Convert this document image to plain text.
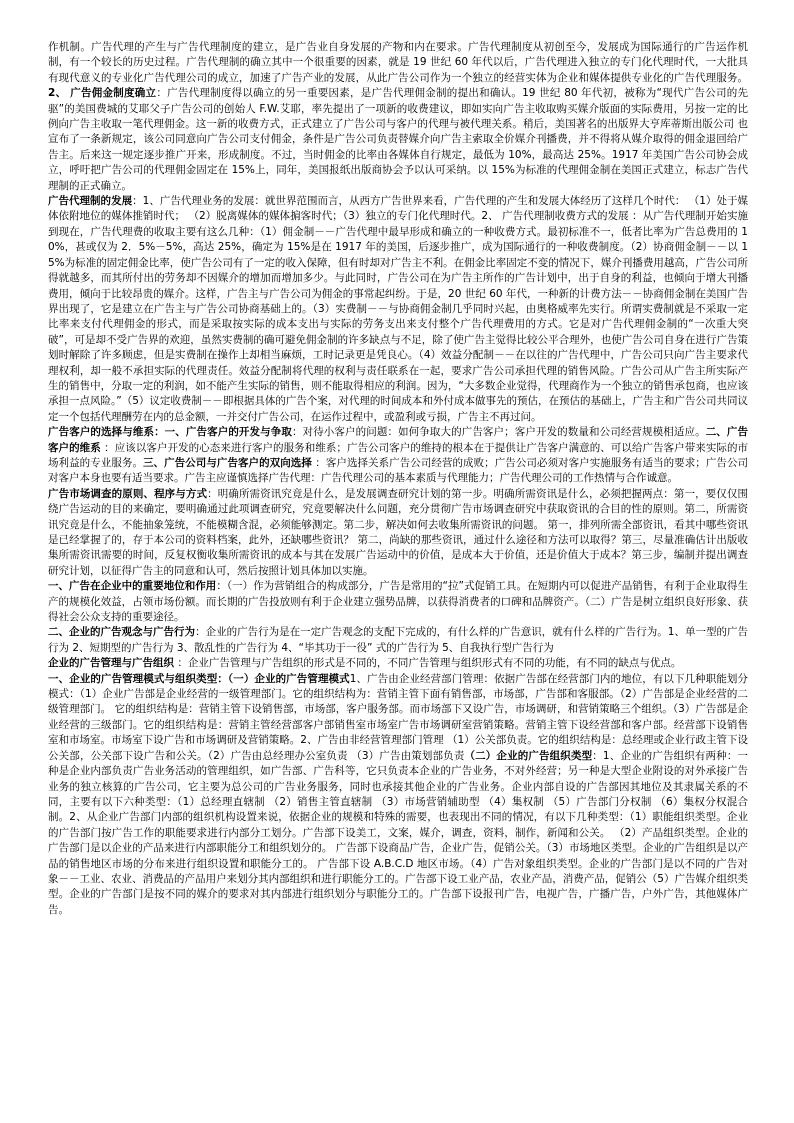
作机制。广告代理的产生与广告代理制度的建立，是广告业自身发展的产物和内在要求。广告代理制度从初创至今，发展成为国际通行的广告运作机制，有一个较长的历史过程。广告代理制的确立其中一个很重要的因素，就是 19 世纪 60 年代以后，广告代理进入独立的专门化代理时代，一大批具有现代意义的专业化广告代理公司的成立，加速了广告产业的发展，从此广告公司作为一个独立的经营实体为企业和媒体提供专业化的广告代理服务。2、 广告佣金制度确立：广告代理制度得以确立的另一重要因素，是广告代理佣金制的提出和确认。19 世纪 80 年代初，被称为“现代广告公司的先驱”的美国费城的艾耶父子广告公司的创始人 F.W.艾耶，率先提出了一项新的收费建议，即如实向广告主收取购买媒介版面的实际费用，另按一定的比例向广告主收取一笔代理佣金。这一新的收费方式，正式建立了广告公司与客户的代理与被代理关系。稍后，美国著名的出版界大亨库蒂斯出版公司 也宣布了一条新规定，该公司同意向广告公司支付佣金，条件是广告公司负责替媒介向广告主索取全价媒介刊播费，并不得将从媒介取得的佣金退回给广告主。后来这一规定逐步推广开来，形成制度。不过，当时佣金的比率由各媒体自行规定，最低为 10%，最高达 25%。1917 年美国广告公司协会成立，呼吁把广告公司的代理佣金固定在 15%上，同年，美国报纸出版商协会予以认可采纳。以 15%为标准的代理佣金制在美国正式建立，标志广告代理制的正式确立。

广告代理制的发展：1、广告代理业务的发展：就世界范围而言，从西方广告世界来看，广告代理的产生和发展大体经历了这样几个时代： （1）处于媒体依附地位的媒体推销时代； （2）脱离媒体的媒体掮客时代；（3）独立的专门化代理时代。2、 广告代理制收费方式的发展 ：从广告代理制开始实施到现在，广告代理费的收取主要有这么几种：（1）佣金制－－广告代理中最早形成和确立的一种收费方式。最初标准不一，低者比率为广告总费用的 10%，甚或仅为 2．5%－5%，高达 25%，确定为 15%是在 1917 年的美国，后逐步推广，成为国际通行的一种收费制度。（2）协商佣金制－－以 15%为标准的固定佣金比率，使广告公司有了一定的收入保障，但有时却对广告主不利。在佣金比率固定不变的情况下，媒介刊播费用越高，广告公司所得就越多，而其所付出的劳务却不因媒介的增加而增加多少。与此同时，广告公司在为广告主所作的广告计划中，出于自身的利益，也倾向于增大刊播费用，倾向于比较昂贵的媒介。这样，广告主与广告公司为佣金的事常起纠纷。于是，20 世纪 60 年代，一种新的计费方法－－协商佣金制在美国广告界出现了，它是建立在广告主与广告公司协商基础上的。（3）实费制－－与协商佣金制几乎同时兴起，由奥格威率先实行。所谓实费制就是不采取一定比率来支付代理佣金的形式，而是采取按实际的成本支出与实际的劳务支出来支付整个广告代理费用的方式。它是对广告代理佣金制的“一次重大突破”，可是却不受广告界的欢迎，虽然实费制的确可避免佣金制的许多缺点与不足，除了使广告主觉得比较公平合理外，也使广告公司自身在进行广告策划时解除了许多顾虑，但是实费制在操作上却相当麻烦，工时记录更是凭良心。（4）效益分配制－－在以往的广告代理中，广告公司只向广告主要求代理权利，却一般不承担实际的代理责任。效益分配制将代理的权利与责任联系在一起，要求广告公司承担代理的销售风险。广告公司从广告主所实际产生的销售中，分取一定的利润，如不能产生实际的销售，则不能取得相应的利润。因为，“大多数企业觉得，代理商作为一个独立的销售承包商，也应该承担一点风险。”（5）议定收费制－－即根据具体的广告个案，对代理的时间成本和外付成本做事先的预估，在预估的基础上，广告主和广告公司共同议定一个包括代理酬劳在内的总金额，一并交付广告公司，在运作过程中，或盈利或亏损，广告主不再过问。

广告客户的选择与维系：一、广告客户的开发与争取：对待小客户的问题：如何争取大的广告客户；客户开发的数量和公司经营规模相适应。二、广告客户的维系 ：应该以客户开发的心态来进行客户的服务和维系；广告公司客户的维持的根本在于提供让广告客户满意的、可以给广告客户带来实际的市场利益的专业服务。三、广告公司与广告客户的双向选择 ：客户选择关系广告公司经营的成败；广告公司必须对客户实施服务有适当的要求；广告公司对客户本身也要有适当要求。广告主应谨慎选择广告代理：广告代理公司的基本素质与代理能力；广告代理公司的工作热情与合作诚意。

广告市场调查的原则、程序与方式：明确所需资讯究竟是什么，是发展调查研究计划的第一步。明确所需资讯是什么，必须把握两点：第一，要仅仅围绕广告运动的目的来确定，要明确通过此项调查研究，究竟要解决什么问题，充分贯彻广告市场调查研究中获取资讯的合目的性的原则。第二，所需资讯究竟是什么，不能抽象笼统，不能模糊含混，必须能够测定。第二步，解决如何去收集所需资讯的问题。 第一，排列所需全部资讯，看其中哪些资讯是已经掌握了的，存于本公司的资料档案，此外，还缺哪些资讯？ 第二，尚缺的那些资讯，通过什么途径和方法可以取得？第三，尽量准确估计出版收集所需资讯需要的时间，反复权衡收集所需资讯的成本与其在发展广告运动中的价值，是成本大于价值，还是价值大于成本？第三步，编制并提出调查研究计划，以征得广告主的同意和认可，然后按照计划具体加以实施。

一、广告在企业中的重要地位和作用：（一）作为营销组合的构成部分，广告是常用的“拉”式促销工具。在短期内可以促进产品销售，有利于企业取得生产的规模化效益，占领市场份额。而长期的广告投放则有利于企业建立强势品牌，以获得消费者的口碑和品牌资产。（二）广告是树立组织良好形象、获得社会公众支持的重要途径。

二、企业的广告观念与广告行为：企业的广告行为是在一定广告观念的支配下完成的，有什么样的广告意识，就有什么样的广告行为。1、单一型的广告行为 2、短期型的广告行为 3、散乱性的广告行为 4、“毕其功于一役” 式的广告行为 5、自我执行型广告行为

企业的广告管理与广告组织 ：企业广告管理与广告组织的形式是不同的，不同广告管理与组织形式有不同的功能，有不同的缺点与优点。

一、企业的广告管理模式与组织类型：（一）企业的广告管理模式1、广告由企业经营部门管理：依据广告部在经营部门内的地位，有以下几种职能划分模式：（1）企业广告部是企业经营的一级管理部门。它的组织结构为：营销主管下面有销售部，市场部，广告部和客服部。（2）广告部是企业经营的二级管理部门。 它的组织结构是：营销主管下设销售部，市场部，客户服务部。而市场部下又设广告，市场调研，和营销策略三个组织。（3）广告部是企业经营的三级部门。它的组织结构是：营销主管经营部客户部销售室市场室广告市场调研室营销策略。营销主管下设经营部和客户部。经营部下设销售室和市场室。市场室下设广告和市场调研及营销策略。2、广告由非经营管理部门管理 （1）公关部负责。它的组织结构是：总经理或企业行政主管下设公关部，公关部下设广告和公关。（2）广告由总经理办公室负责 （3）广告由策划部负责（二）企业的广告组织类型：1、企业的广告组织有两种：一种是企业内部负责广告业务活动的管理组织，如广告部、广告科等，它只负责本企业的广告业务，不对外经营；另一种是大型企业附设的对外承接广告业务的独立核算的广告公司，它主要为总公司的广告业务服务，同时也承接其他企业的广告业务。企业内部自设的广告部因其地位及其隶属关系的不同，主要有以下六种类型：（1）总经理直辖制 （2）销售主管直辖制 （3）市场营销辅助型 （4）集权制 （5）广告部门分权制 （6）集权分权混合制。2、从企业广告部门内部的组织机构设置来说，依据企业的规模和特殊的需要，也表现出不同的情况，有以下几种类型：（1）职能组织类型。企业的广告部门按广告工作的职能要求进行内部分工划分。广告部下设美工，文案，媒介，调查，资料，制作，新闻和公关。 （2）产品组织类型。企业的广告部门是以企业的产品来进行内部职能分工和组织划分的。 广告部下设商品广告，企业广告，促销公关。（3）市场地区类型。企业的广告组织是以产品的销售地区市场的分布来进行组织设置和职能分工的。 广告部下设 A.B.C.D 地区市场。（4）广告对象组织类型。企业的广告部门是以不同的广告对象－－工业、农业、消费品的产品用户来划分其内部组织和进行职能分工的。广告部下设工业产品，农业产品，消费产品，促销公（5）广告媒介组织类型。企业的广告部门是按不同的媒介的要求对其内部进行组织划分与职能分工的。广告部下设报刊广告，电视广告，广播广告，户外广告，其他媒体广告。
